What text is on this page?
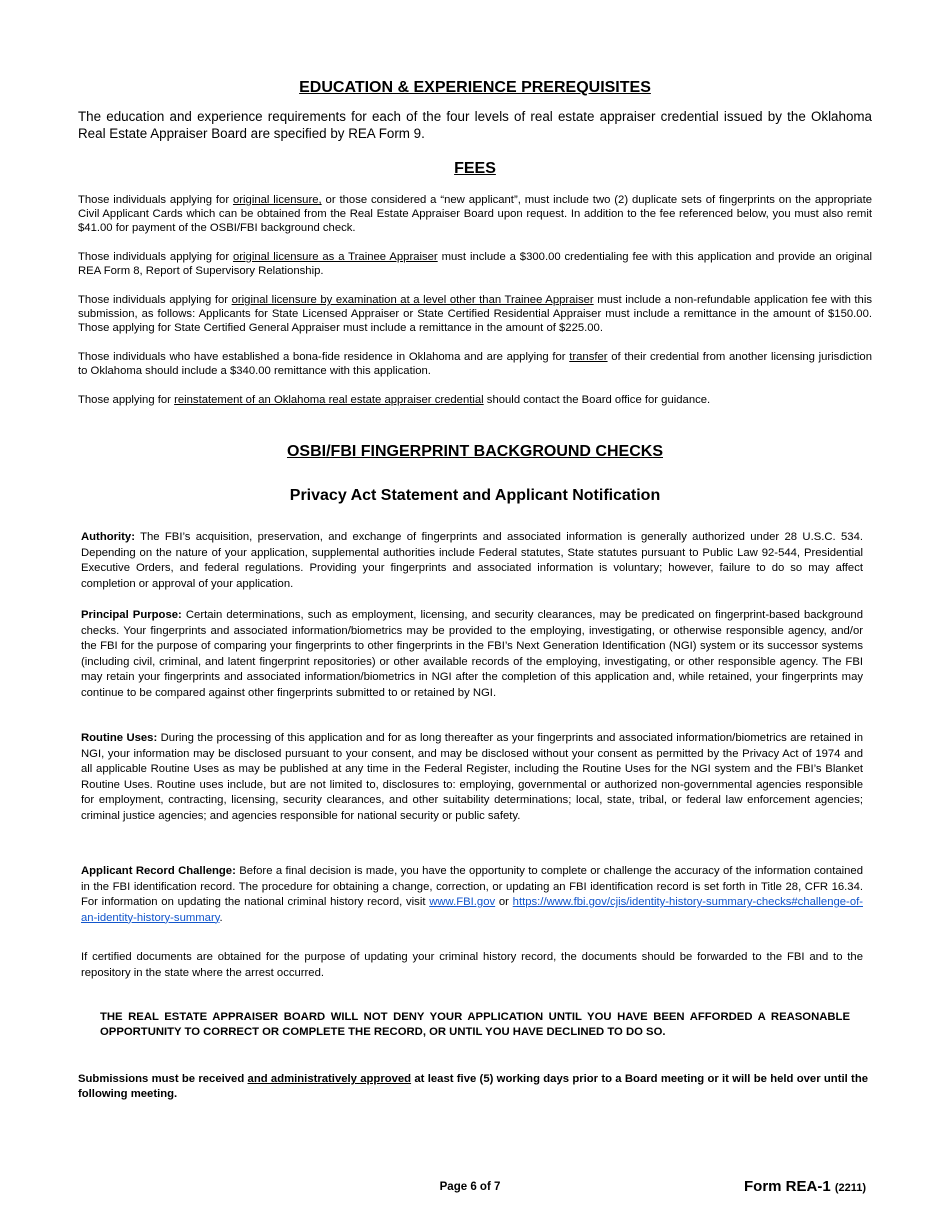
EDUCATION & EXPERIENCE PREREQUISITES
The education and experience requirements for each of the four levels of real estate appraiser credential issued by the Oklahoma Real Estate Appraiser Board are specified by REA Form 9.
FEES
Those individuals applying for original licensure, or those considered a “new applicant”, must include two (2) duplicate sets of fingerprints on the appropriate Civil Applicant Cards which can be obtained from the Real Estate Appraiser Board upon request. In addition to the fee referenced below, you must also remit $41.00 for payment of the OSBI/FBI background check.
Those individuals applying for original licensure as a Trainee Appraiser must include a $300.00 credentialing fee with this application and provide an original REA Form 8, Report of Supervisory Relationship.
Those individuals applying for original licensure by examination at a level other than Trainee Appraiser must include a non-refundable application fee with this submission, as follows: Applicants for State Licensed Appraiser or State Certified Residential Appraiser must include a remittance in the amount of $150.00. Those applying for State Certified General Appraiser must include a remittance in the amount of $225.00.
Those individuals who have established a bona-fide residence in Oklahoma and are applying for transfer of their credential from another licensing jurisdiction to Oklahoma should include a $340.00 remittance with this application.
Those applying for reinstatement of an Oklahoma real estate appraiser credential should contact the Board office for guidance.
OSBI/FBI FINGERPRINT BACKGROUND CHECKS
Privacy Act Statement and Applicant Notification
Authority: The FBI’s acquisition, preservation, and exchange of fingerprints and associated information is generally authorized under 28 U.S.C. 534. Depending on the nature of your application, supplemental authorities include Federal statutes, State statutes pursuant to Public Law 92-544, Presidential Executive Orders, and federal regulations. Providing your fingerprints and associated information is voluntary; however, failure to do so may affect completion or approval of your application.
Principal Purpose: Certain determinations, such as employment, licensing, and security clearances, may be predicated on fingerprint-based background checks. Your fingerprints and associated information/biometrics may be provided to the employing, investigating, or otherwise responsible agency, and/or the FBI for the purpose of comparing your fingerprints to other fingerprints in the FBI’s Next Generation Identification (NGI) system or its successor systems (including civil, criminal, and latent fingerprint repositories) or other available records of the employing, investigating, or other responsible agency. The FBI may retain your fingerprints and associated information/biometrics in NGI after the completion of this application and, while retained, your fingerprints may continue to be compared against other fingerprints submitted to or retained by NGI.
Routine Uses: During the processing of this application and for as long thereafter as your fingerprints and associated information/biometrics are retained in NGI, your information may be disclosed pursuant to your consent, and may be disclosed without your consent as permitted by the Privacy Act of 1974 and all applicable Routine Uses as may be published at any time in the Federal Register, including the Routine Uses for the NGI system and the FBI’s Blanket Routine Uses. Routine uses include, but are not limited to, disclosures to: employing, governmental or authorized non-governmental agencies responsible for employment, contracting, licensing, security clearances, and other suitability determinations; local, state, tribal, or federal law enforcement agencies; criminal justice agencies; and agencies responsible for national security or public safety.
Applicant Record Challenge: Before a final decision is made, you have the opportunity to complete or challenge the accuracy of the information contained in the FBI identification record. The procedure for obtaining a change, correction, or updating an FBI identification record is set forth in Title 28, CFR 16.34. For information on updating the national criminal history record, visit www.FBI.gov or https://www.fbi.gov/cjis/identity-history-summary-checks#challenge-of-an-identity-history-summary.
If certified documents are obtained for the purpose of updating your criminal history record, the documents should be forwarded to the FBI and to the repository in the state where the arrest occurred.
THE REAL ESTATE APPRAISER BOARD WILL NOT DENY YOUR APPLICATION UNTIL YOU HAVE BEEN AFFORDED A REASONABLE OPPORTUNITY TO CORRECT OR COMPLETE THE RECORD, OR UNTIL YOU HAVE DECLINED TO DO SO.
Submissions must be received and administratively approved at least five (5) working days prior to a Board meeting or it will be held over until the following meeting.
Page 6 of 7	Form REA-1 (2211)
